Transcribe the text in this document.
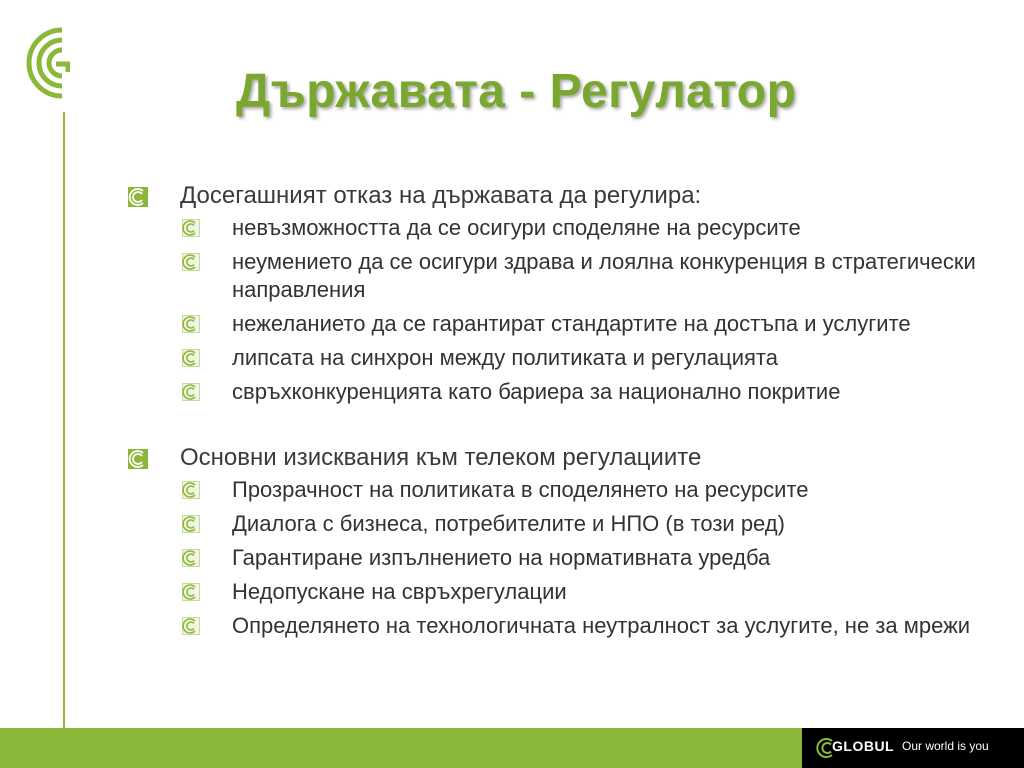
Държавата - Регулатор
Досегашният отказ на държавата да регулира:
невъзможността да се осигури споделяне на ресурсите
неумението да се осигури здрава и лоялна конкуренция в стратегически направления
нежеланието да се гарантират стандартите на достъпа и услугите
липсата на синхрон между политиката и регулацията
свръхконкуренцията като бариера за национално покритие
Основни изисквания към телеком регулациите
Прозрачност на политиката в споделянето на ресурсите
Диалога с бизнеса, потребителите и НПО (в този ред)
Гарантиране изпълнението на нормативната уредба
Недопускане на свръхрегулации
Определянето на технологичната неутралност за услугите, не за мрежи
GLOBUL Our world is you
